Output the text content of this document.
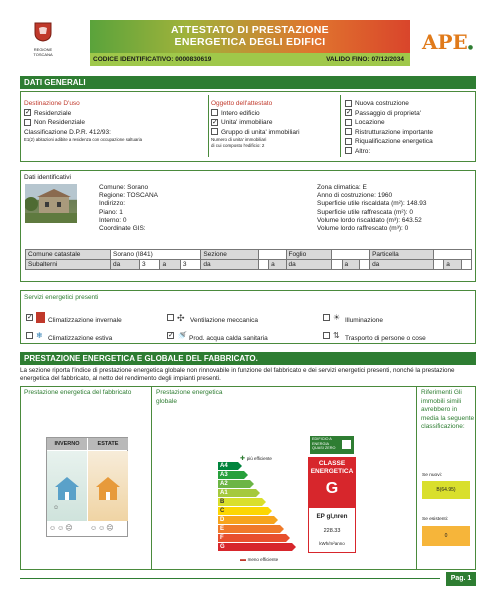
REGIONE
TOSCANA
ATTESTATO DI PRESTAZIONE
ENERGETICA DEGLI EDIFICI
CODICE IDENTIFICATIVO: 0000830619	VALIDO FINO: 07/12/2034
APE●
DATI GENERALI
Destinazione D'uso
✓ Residenziale
Non Residenziale
Classificazione D.P.R. 412/93:
E1(2) abitazioni adibite a residenza con occupazione saltuaria
Oggetto dell'attestato
Intero edificio
✓ Unita' immobiliare
Gruppo di unita' immobiliari
Numero di unita' immobiliari
di cui composto l'edificio: 2
Nuova costruzione
✓ Passaggio di proprieta'
Locazione
Ristrutturazione importante
Riqualificazione energetica
Altro:
Dati identificativi
Comune: Sorano
Regione: TOSCANA
Indirizzo:
Piano: 1
Interno: 0
Coordinate GIS:
Zona climatica: E
Anno di costruzione: 1960
Superficie utile riscaldata (m²): 148.93
Superficie utile raffrescata (m²): 0
Volume lordo riscaldato (m³): 643.52
Volume lordo raffrescato (m³): 0
Comune catastale	Sorano (I841)				Sezione			Foglio				Particella			
Subalterni	da	3	a	3	da		a	da		a		da		a	
Servizi energetici presenti
✓ Climatizzazione invernale	✣ Ventilazione meccanica	☀ Illuminazione
❄ Climatizzazione estiva	✓ 🚿 Prod. acqua calda sanitaria	⇅ Trasporto di persone o cose
PRESTAZIONE ENERGETICA E GLOBALE DEL FABBRICATO.
La sezione riporta l'indice di prestazione energetica globale non rinnovabile in funzione del fabbricato e dei servizi energetici presenti, nonché la prestazione energetica del fabbricato, al netto del rendimento degli impianti presenti.
Prestazione energetica del fabbricato	Prestazione energetica globale
Riferimenti Gli immobili simili avrebbero in media la seguente classificazione:
INVERNO	ESTATE
☺
☺☺☹ ☺☺☹
✚ più efficiente
A4
A3
A2
A1
B
C
D
E
F
G
▬ meno efficiente
EDIFICIO A ENERGIA QUASI ZERO
CLASSE ENERGETICA
G
EP gl,nren
228.33
kWh/m²anno
Se nuovi:
B(64.95)
Se esistenti:
0
Pag. 1
